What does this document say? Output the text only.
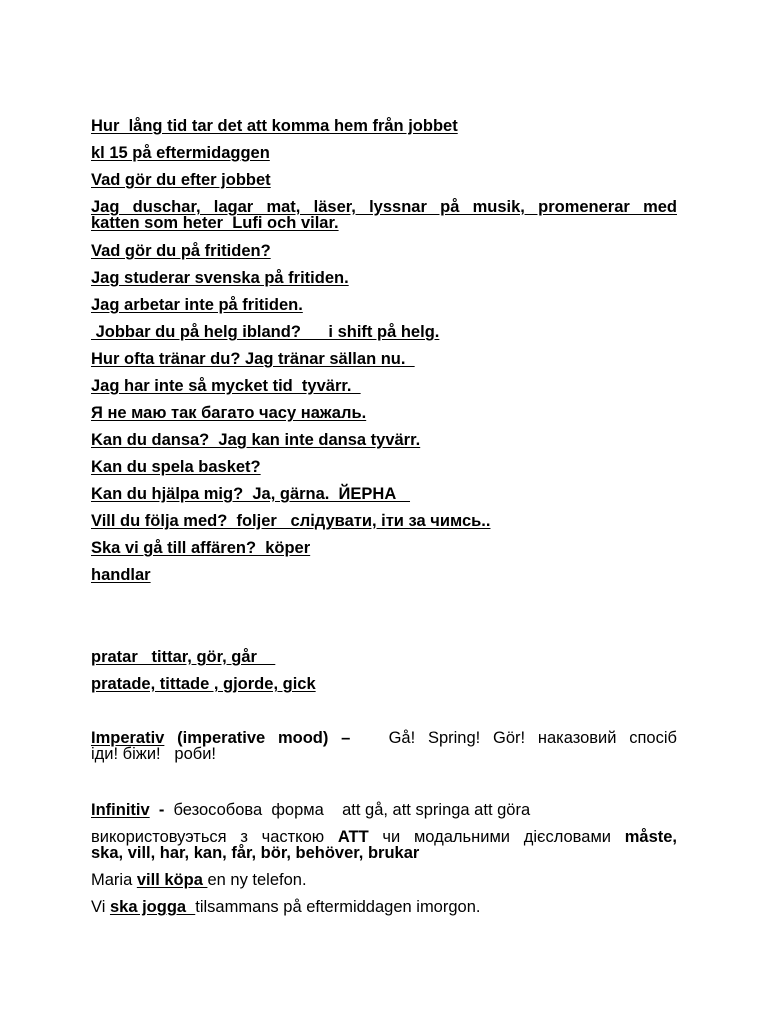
Hur  lång tid tar det att komma hem från jobbet
kl 15 på eftermidaggen
Vad gör du efter jobbet
Jag duschar, lagar mat, läser, lyssnar på musik, promenerar med
katten som heter  Lufi och vilar.
Vad gör du på fritiden?
Jag studerar svenska på fritiden.
Jag arbetar inte på fritiden.
Jobbar du på helg ibland?      i shift på helg.
Hur ofta tränar du? Jag tränar sällan nu.
Jag har inte så mycket tid  tyvärr.
Я не маю так багато часу нажаль.
Kan du dansa?  Jag kan inte dansa tyvärr.
Kan du spela basket?
Kan du hjälpa mig?  Ja, gärna.  ЙЕРНА
Vill du följa med?  foljer   слідувати, іти за чимсь..
Ska vi gå till affären?  köper
handlar
pratar   tittar, gör, går
pratade, tittade , gjorde, gick
Imperativ (imperative mood) – Gå! Spring! Gör! наказовий спосіб
іди! біжи!   роби!
Infinitiv  -  безособова  форма    att gå, att springa att göra
використовуэться з часткою ATT чи модальними дієсловами måste,
ska, vill, har, kan, får, bör, behöver, brukar
Maria vill köpa en ny telefon.
Vi ska jogga  tilsammans på eftermiddagen imorgon.
